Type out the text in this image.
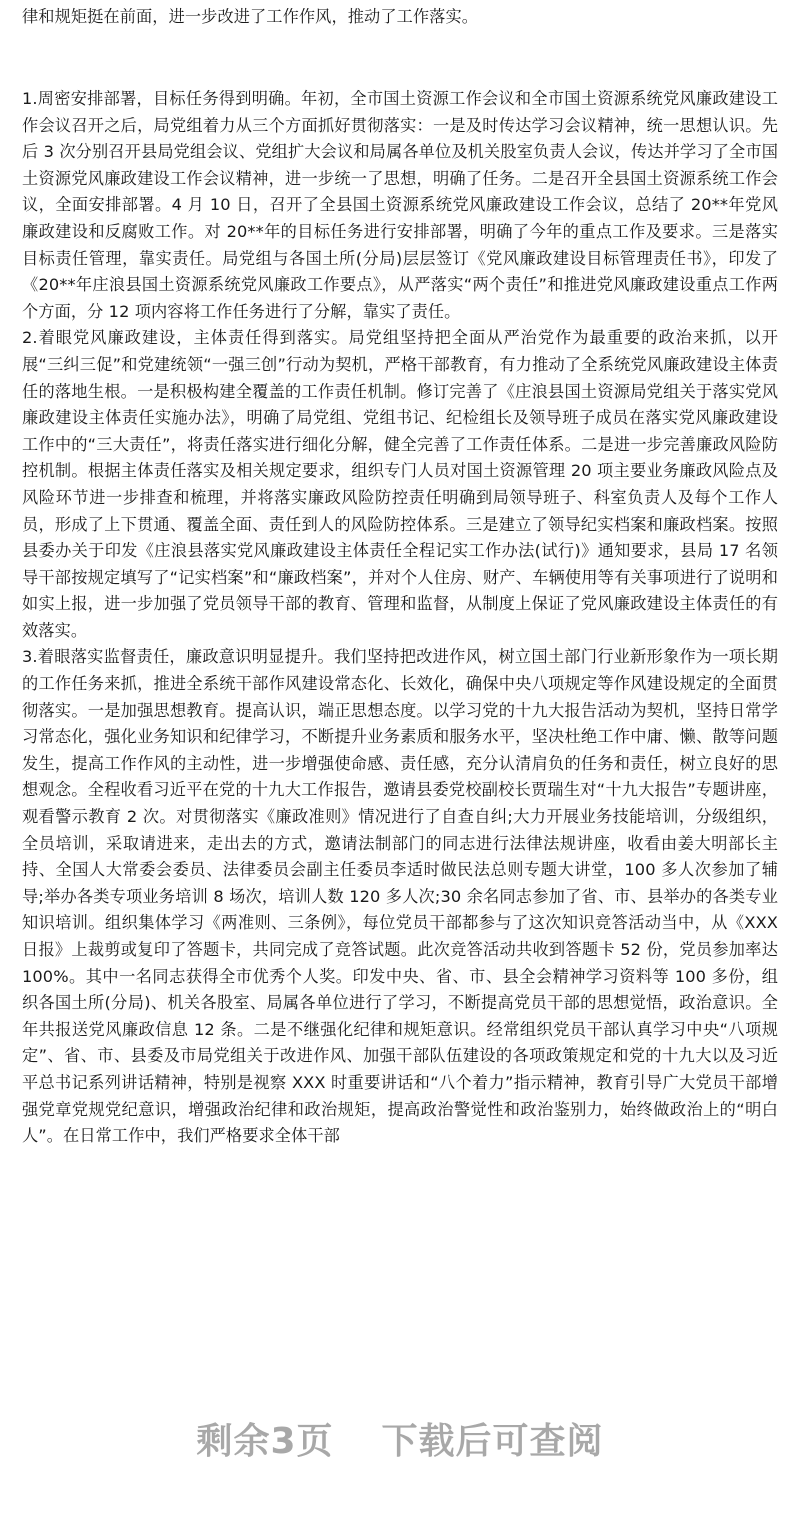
律和规矩挺在前面，进一步改进了工作作风，推动了工作落实。

1.周密安排部署，目标任务得到明确。年初，全市国土资源工作会议和全市国土资源系统党风廉政建设工作会议召开之后，局党组着力从三个方面抓好贯彻落实：一是及时传达学习会议精神，统一思想认识。先后 3 次分别召开县局党组会议、党组扩大会议和局属各单位及机关股室负责人会议，传达并学习了全市国土资源党风廉政建设工作会议精神，进一步统一了思想，明确了任务。二是召开全县国土资源系统工作会议，全面安排部署。4 月 10 日，召开了全县国土资源系统党风廉政建设工作会议，总结了 20**年党风廉政建设和反腐败工作。对 20**年的目标任务进行安排部署，明确了今年的重点工作及要求。三是落实目标责任管理，靠实责任。局党组与各国土所(分局)层层签订《党风廉政建设目标管理责任书》，印发了《20**年庄浪县国土资源系统党风廉政工作要点》，从严落实“两个责任”和推进党风廉政建设重点工作两个方面，分 12 项内容将工作任务进行了分解，靠实了责任。

2.着眼党风廉政建设，主体责任得到落实。局党组坚持把全面从严治党作为最重要的政治来抓，以开展“三纠三促”和党建统领“一强三创”行动为契机，严格干部教育，有力推动了全系统党风廉政建设主体责任的落地生根。一是积极构建全覆盖的工作责任机制。修订完善了《庄浪县国土资源局党组关于落实党风廉政建设主体责任实施办法》，明确了局党组、党组书记、纪检组长及领导班子成员在落实党风廉政建设工作中的“三大责任”，将责任落实进行细化分解，健全完善了工作责任体系。二是进一步完善廉政风险防控机制。根据主体责任落实及相关规定要求，组织专门人员对国土资源管理 20 项主要业务廉政风险点及风险环节进一步排查和梳理，并将落实廉政风险防控责任明确到局领导班子、科室负责人及每个工作人员，形成了上下贯通、覆盖全面、责任到人的风险防控体系。三是建立了领导纪实档案和廉政档案。按照县委办关于印发《庄浪县落实党风廉政建设主体责任全程记实工作办法(试行)》通知要求，县局 17 名领导干部按规定填写了“记实档案”和“廉政档案”，并对个人住房、财产、车辆使用等有关事项进行了说明和如实上报，进一步加强了党员领导干部的教育、管理和监督，从制度上保证了党风廉政建设主体责任的有效落实。

3.着眼落实监督责任，廉政意识明显提升。我们坚持把改进作风，树立国土部门行业新形象作为一项长期的工作任务来抓，推进全系统干部作风建设常态化、长效化，确保中央八项规定等作风建设规定的全面贯彻落实。一是加强思想教育。提高认识，端正思想态度。以学习党的十九大报告活动为契机，坚持日常学习常态化，强化业务知识和纪律学习，不断提升业务素质和服务水平，坚决杜绝工作中庸、懒、散等问题发生，提高工作作风的主动性，进一步增强使命感、责任感，充分认清肩负的任务和责任，树立良好的思想观念。全程收看习近平在党的十九大工作报告，邀请县委党校副校长贾瑞生对“十九大报告”专题讲座，观看警示教育 2 次。对贯彻落实《廉政准则》情况进行了自查自纠;大力开展业务技能培训，分级组织，全员培训，采取请进来，走出去的方式，邀请法制部门的同志进行法律法规讲座，收看由姜大明部长主持、全国人大常委会委员、法律委员会副主任委员李适时做民法总则专题大讲堂，100 多人次参加了辅导;举办各类专项业务培训 8 场次，培训人数 120 多人次;30 余名同志参加了省、市、县举办的各类专业知识培训。组织集体学习《两准则、三条例》，每位党员干部都参与了这次知识竞答活动当中，从《XXX 日报》上裁剪或复印了答题卡，共同完成了竞答试题。此次竞答活动共收到答题卡 52 份，党员参加率达 100%。其中一名同志获得全市优秀个人奖。印发中央、省、市、县全会精神学习资料等 100 多份，组织各国土所(分局)、机关各股室、局属各单位进行了学习，不断提高党员干部的思想觉悟，政治意识。全年共报送党风廉政信息 12 条。二是不继强化纪律和规矩意识。经常组织党员干部认真学习中央“八项规定”、省、市、县委及市局党组关于改进作风、加强干部队伍建设的各项政策规定和党的十九大以及习近平总书记系列讲话精神，特别是视察 XXX 时重要讲话和“八个着力”指示精神，教育引导广大党员干部增强党章党规党纪意识，增强政治纪律和政治规矩，提高政治警觉性和政治鉴别力，始终做政治上的“明白人”。在日常工作中，我们严格要求全体干部

剩余3页 下载后可查阅
